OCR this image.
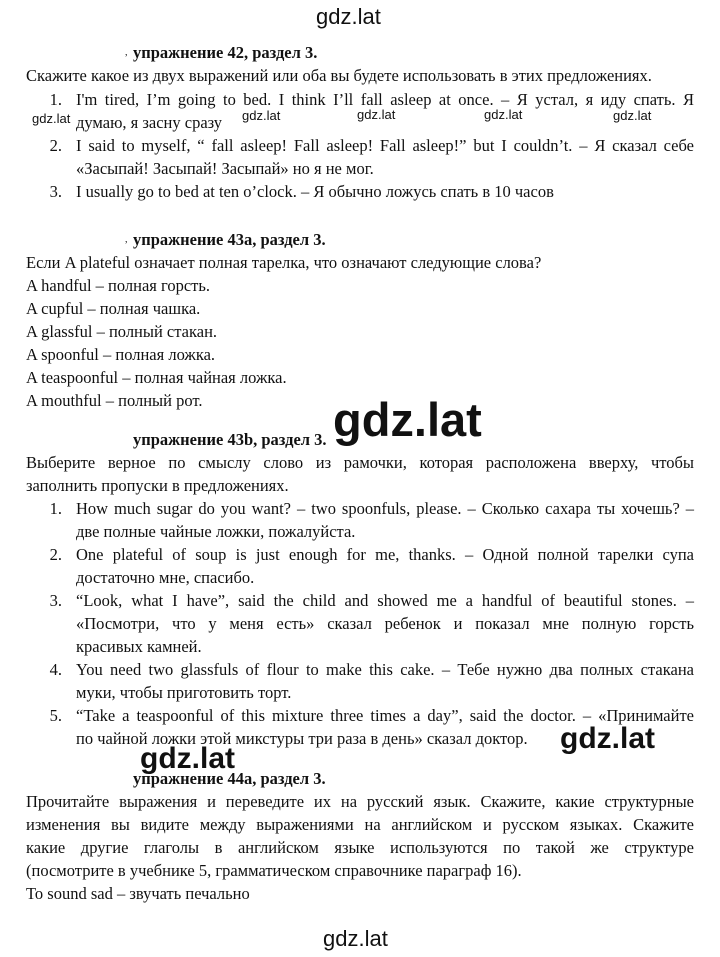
gdz.lat
gdz.lat
, упражнение 42, раздел 3.
Скажите какое из двух выражений или оба вы будете использовать в этих предложениях.
1. I'm tired, I’m going to bed. I think I’ll fall asleep at once. – Я устал, я иду спать. Я
думаю, я засну сразу
2. I said to myself, “ fall asleep! Fall asleep! Fall asleep!” but I couldn’t. – Я сказал себе
«Засыпай! Засыпай! Засыпай» но я не мог.
3. I usually go to bed at ten o’clock. – Я обычно ложусь спать в 10 часов
gdz.lat	gdz.lat	gdz.lat	gdz.lat	gdz.lat
, упражнение 43а, раздел 3.
Если A plateful означает полная тарелка, что означают следующие слова?
A handful – полная горсть.
A cupful – полная чашка.
A glassful – полный стакан.
A spoonful – полная ложка.
A teaspoonful – полная чайная ложка.
A mouthful – полный рот.
упражнение 43b, раздел 3. gdz.lat
Выберите верное по смыслу слово из рамочки, которая расположена вверху, чтобы
заполнить пропуски в предложениях.
1. How much sugar do you want? – two spoonfuls, please. – Сколько сахара ты хочешь? –
две полные чайные ложки, пожалуйста.
2. One plateful of soup is just enough for me, thanks. – Одной полной тарелки супа
достаточно мне, спасибо.
3. “Look, what I have”, said the child and showed me a handful of beautiful stones. –
«Посмотри, что у меня есть» сказал ребенок и показал мне полную горсть
красивых камней.
4. You need two glassfuls of flour to make this cake. – Тебе нужно два полных стакана
муки, чтобы приготовить торт.
5. “Take a teaspoonful of this mixture three times a day”, said the doctor. – «Принимайте
по чайной ложки этой микстуры три раза в день» сказал доктор. gdz.lat
gdz.lat
упражнение 44а, раздел 3.
Прочитайте выражения и переведите их на русский язык. Скажите, какие структурные
изменения вы видите между выражениями на английском и русском языках. Скажите
какие другие глаголы в английском языке используются по такой же структуре
(посмотрите в учебнике 5, грамматическом справочнике параграф 16).
To sound sad – звучать печально
